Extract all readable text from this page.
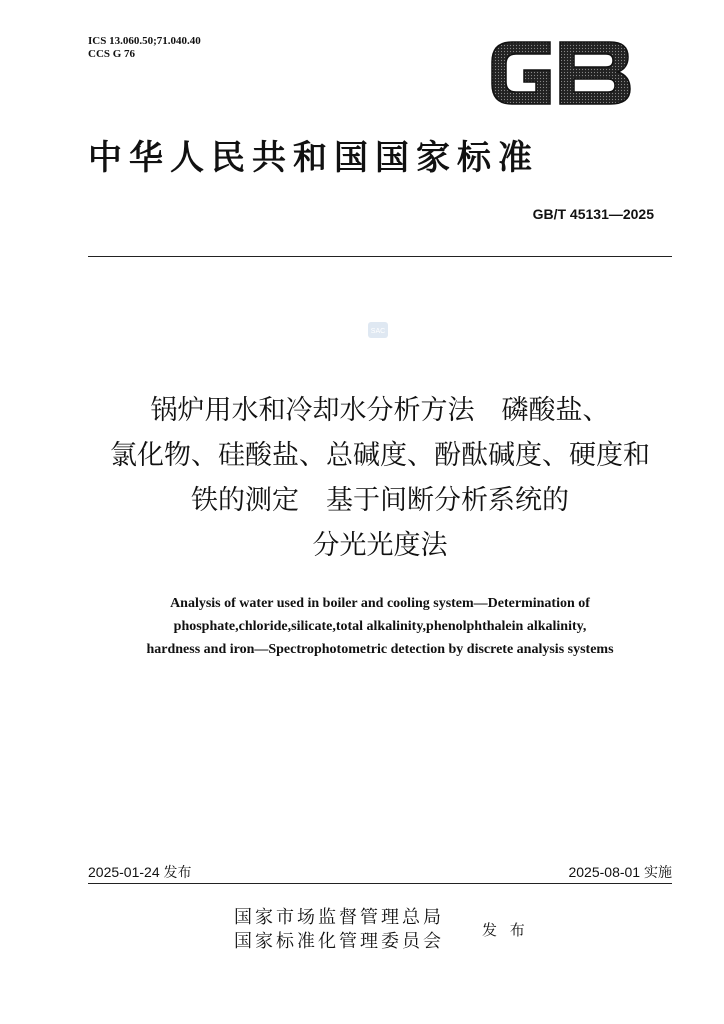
ICS 13.060.50;71.040.40
CCS G 76
中华人民共和国国家标准
GB/T 45131—2025
SAC
锅炉用水和冷却水分析方法　磷酸盐、
氯化物、硅酸盐、总碱度、酚酞碱度、硬度和
铁的测定　基于间断分析系统的
分光光度法
Analysis of water used in boiler and cooling system—Determination of
phosphate,chloride,silicate,total alkalinity,phenolphthalein alkalinity,
hardness and iron—Spectrophotometric detection by discrete analysis systems
2025-01-24 发布	2025-08-01 实施
国家市场监督管理总局
国家标准化管理委员会
发 布
